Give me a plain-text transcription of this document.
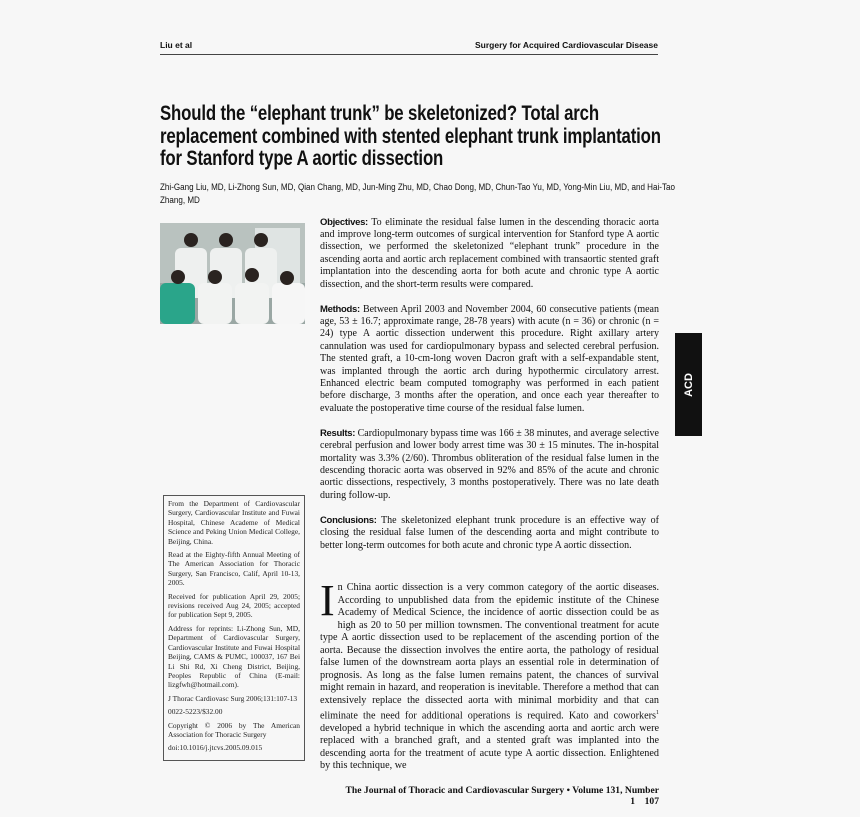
Liu et al	Surgery for Acquired Cardiovascular Disease
Should the “elephant trunk” be skeletonized? Total arch replacement combined with stented elephant trunk implantation for Stanford type A aortic dissection
Zhi-Gang Liu, MD, Li-Zhong Sun, MD, Qian Chang, MD, Jun-Ming Zhu, MD, Chao Dong, MD, Chun-Tao Yu, MD, Yong-Min Liu, MD, and Hai-Tao Zhang, MD

Objectives: To eliminate the residual false lumen in the descending thoracic aorta and improve long-term outcomes of surgical intervention for Stanford type A aortic dissection, we performed the skeletonized “elephant trunk” procedure in the ascending aorta and aortic arch replacement combined with transaortic stented graft implantation into the descending aorta for both acute and chronic type A aortic dissection, and the short-term results were compared.

Methods: Between April 2003 and November 2004, 60 consecutive patients (mean age, 53 ± 16.7; approximate range, 28-78 years) with acute (n = 36) or chronic (n = 24) type A aortic dissection underwent this procedure. Right axillary artery cannulation was used for cardiopulmonary bypass and selected cerebral perfusion. The stented graft, a 10-cm-long woven Dacron graft with a self-expandable stent, was implanted through the aortic arch during hypothermic circulatory arrest. Enhanced electric beam computed tomography was performed in each patient before discharge, 3 months after the operation, and once each year thereafter to evaluate the postoperative time course of the residual false lumen.

Results: Cardiopulmonary bypass time was 166 ± 38 minutes, and average selective cerebral perfusion and lower body arrest time was 30 ± 15 minutes. The in-hospital mortality was 3.3% (2/60). Thrombus obliteration of the residual false lumen in the descending thoracic aorta was observed in 92% and 85% of the acute and chronic aortic dissections, respectively, 3 months postoperatively. There was no late death during follow-up.

Conclusions: The skeletonized elephant trunk procedure is an effective way of closing the residual false lumen of the descending aorta and might contribute to better long-term outcomes for both acute and chronic type A aortic dissection.

In China aortic dissection is a very common category of the aortic diseases. According to unpublished data from the epidemic institute of the Chinese Academy of Medical Science, the incidence of aortic dissection could be as high as 20 to 50 per million townsmen. The conventional treatment for acute type A aortic dissection used to be replacement of the ascending portion of the aorta. Because the dissection involves the entire aorta, the pathology of residual false lumen of the downstream aorta plays an essential role in determination of prognosis. As long as the false lumen remains patent, the chances of survival might remain in hazard, and reoperation is inevitable. Therefore a method that can extensively replace the dissected aorta with minimal morbidity and that can eliminate the need for additional operations is required. Kato and coworkers$^1$ developed a hybrid technique in which the ascending aorta and aortic arch were replaced with a branched graft, and a stented graft was implanted into the descending aorta for the treatment of acute type A aortic dissection. Enlightened by this technique, we
The Journal of Thoracic and Cardiovascular Surgery • Volume 131, Number 1    107

From the Department of Cardiovascular Surgery, Cardiovascular Institute and Fuwai Hospital, Chinese Academe of Medical Science and Peking Union Medical College, Beijing, China.

Read at the Eighty-fifth Annual Meeting of The American Association for Thoracic Surgery, San Francisco, Calif, April 10-13, 2005.

Received for publication April 29, 2005; revisions received Aug 24, 2005; accepted for publication Sept 9, 2005.

Address for reprints: Li-Zhong Sun, MD, Department of Cardiovascular Surgery, Cardiovascular Institute and Fuwai Hospital Beijing, CAMS & PUMC, 100037, 167 Bei Li Shi Rd, Xi Cheng District, Beijing, Peoples Republic of China (E-mail: lizgfwh@hotmail.com).

J Thorac Cardiovasc Surg 2006;131:107-13

0022-5223/$32.00

Copyright © 2006 by The American Association for Thoracic Surgery

doi:10.1016/j.jtcvs.2005.09.015

ACD
